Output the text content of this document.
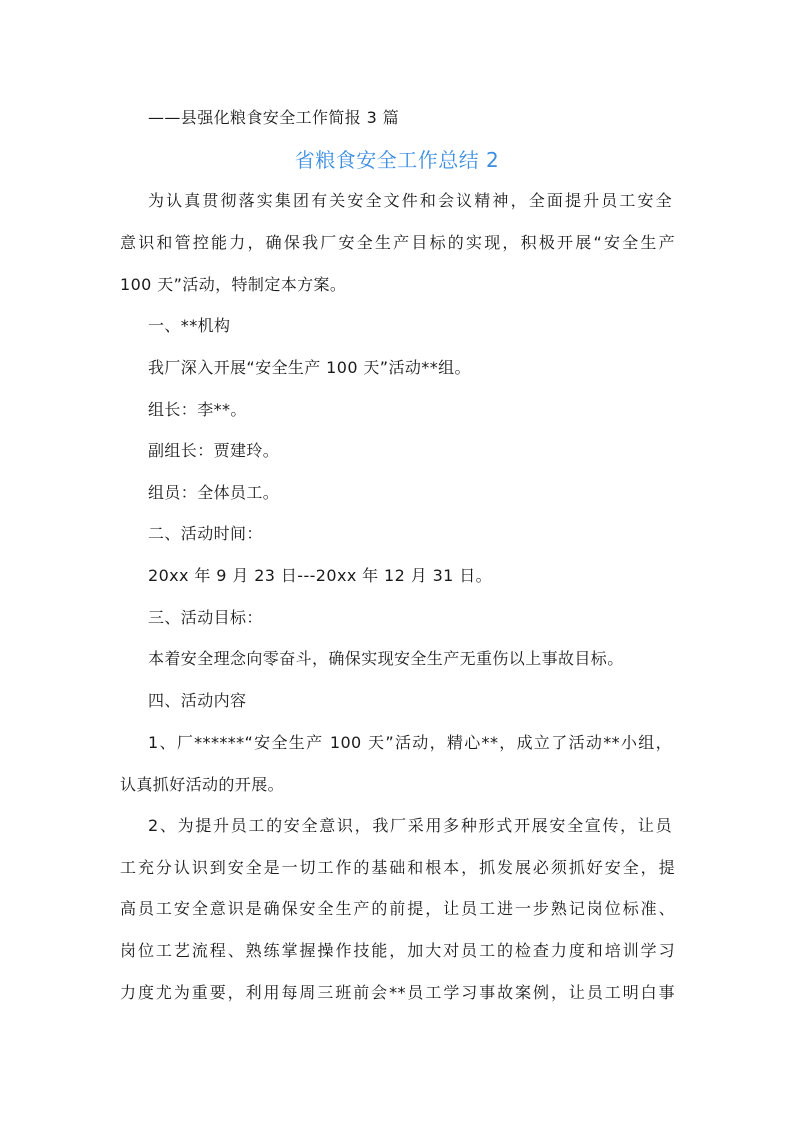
——县强化粮食安全工作简报 3 篇
省粮食安全工作总结 2
为认真贯彻落实集团有关安全文件和会议精神，全面提升员工安全
意识和管控能力，确保我厂安全生产目标的实现，积极开展“安全生产
100 天”活动，特制定本方案。
一、**机构
我厂深入开展“安全生产 100 天”活动**组。
组长：李**。
副组长：贾建玲。
组员：全体员工。
二、活动时间：
20xx 年 9 月 23 日---20xx 年 12 月 31 日。
三、活动目标：
本着安全理念向零奋斗，确保实现安全生产无重伤以上事故目标。
四、活动内容
1、厂******“安全生产 100 天”活动，精心**，成立了活动**小组，
认真抓好活动的开展。
2、为提升员工的安全意识，我厂采用多种形式开展安全宣传，让员
工充分认识到安全是一切工作的基础和根本，抓发展必须抓好安全，提
高员工安全意识是确保安全生产的前提，让员工进一步熟记岗位标准、
岗位工艺流程、熟练掌握操作技能，加大对员工的检查力度和培训学习
力度尤为重要，利用每周三班前会**员工学习事故案例，让员工明白事
